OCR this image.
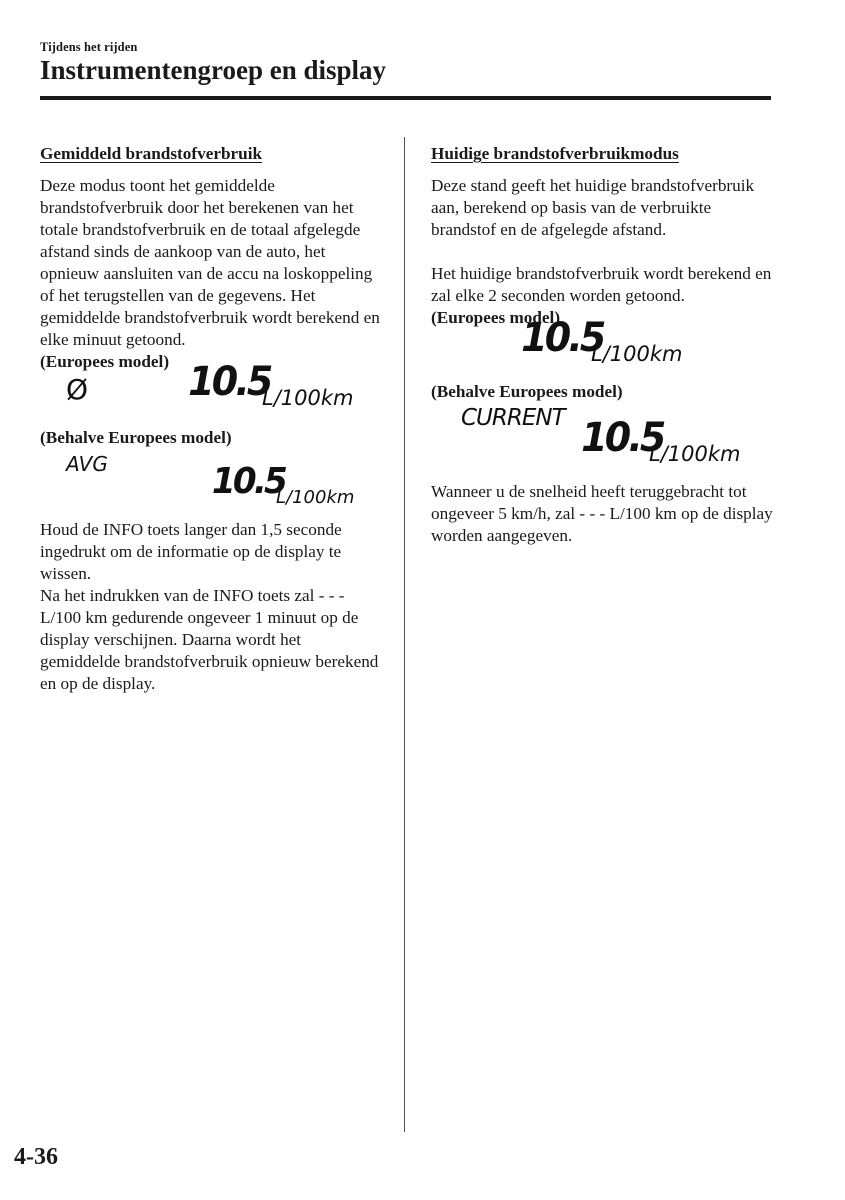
Tijdens het rijden
Instrumentengroep en display
Gemiddeld brandstofverbruik

Deze modus toont het gemiddelde brandstofverbruik door het berekenen van het totale brandstofverbruik en de totaal afgelegde afstand sinds de aankoop van de auto, het opnieuw aansluiten van de accu na loskoppeling of het terugstellen van de gegevens. Het gemiddelde brandstofverbruik wordt berekend en elke minuut getoond.

(Europees model)
Ø	10.5
L/100km
(Behalve Europees model)
AVG	10.5
L/100km

Houd de INFO toets langer dan 1,5 seconde ingedrukt om de informatie op de display te wissen.

Na het indrukken van de INFO toets zal - - - L/100 km gedurende ongeveer 1 minuut op de display verschijnen. Daarna wordt het gemiddelde brandstofverbruik opnieuw berekend en op de display.

Huidige brandstofverbruikmodus

Deze stand geeft het huidige brandstofverbruik aan, berekend op basis van de verbruikte brandstof en de afgelegde afstand.

Het huidige brandstofverbruik wordt berekend en zal elke 2 seconden worden getoond.

(Europees model)
10.5
L/100km
(Behalve Europees model)
CURRENT 10.5
L/100km

Wanneer u de snelheid heeft teruggebracht tot ongeveer 5 km/h, zal - - - L/100 km op de display worden aangegeven.

4-36
